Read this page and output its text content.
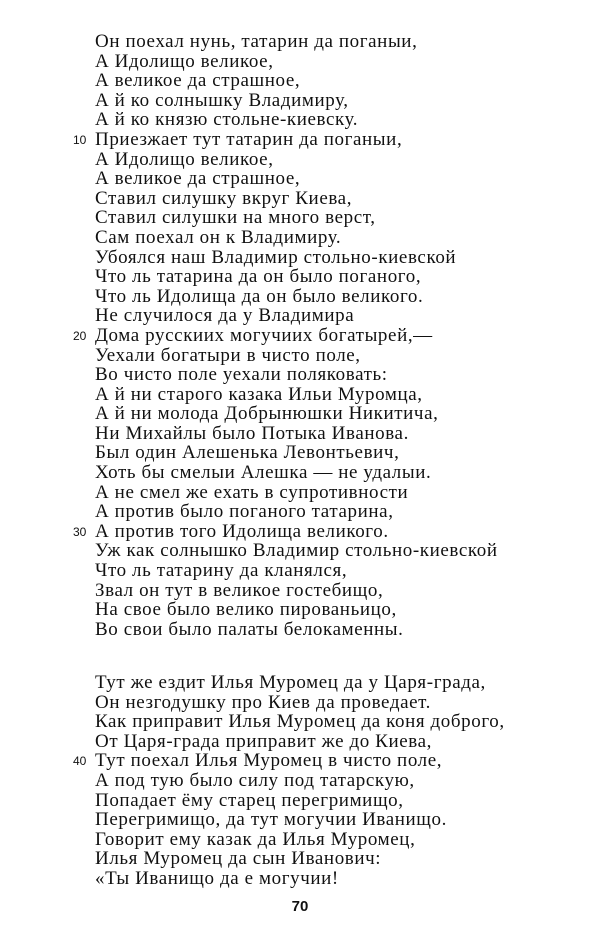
Он поехал нунь, татарин да поганыи,
А Идолищо великое,
А великое да страшное,
А й ко солнышку Владимиру,
А й ко князю стольне-киевску.
10 Приезжает тут татарин да поганыи,
А Идолищо великое,
А великое да страшное,
Ставил силушку вкруг Киева,
Ставил силушки на много верст,
Сам поехал он к Владимиру.
Убоялся наш Владимир стольно-киевской
Что ль татарина да он было поганого,
Что ль Идолища да он было великого.
Не случилося да у Владимира
20 Дома русскиих могучиих богатырей,—
Уехали богатыри в чисто поле,
Во чисто поле уехали поляковать:
А й ни старого казака Ильи Муромца,
А й ни молода Добрынюшки Никитича,
Ни Михайлы было Потыка Иванова.
Был один Алешенька Левонтьевич,
Хоть бы смелыи Алешка — не удалыи.
А не смел же ехать в супротивности
А против было поганого татарина,
30 А против того Идолища великого.
Уж как солнышко Владимир стольно-киевской
Что ль татарину да кланялся,
Звал он тут в великое гостебищо,
На свое было велико пированьицо,
Во свои было палаты белокаменны.
Тут же ездит Илья Муромец да у Царя-града,
Он незгодушку про Киев да проведает.
Как приправит Илья Муромец да коня доброго,
От Царя-града приправит же до Киева,
40 Тут поехал Илья Муромец в чисто поле,
А под тую было силу под татарскую,
Попадает ёму старец перегримищо,
Перегримищо, да тут могучии Иванищо.
Говорит ему казак да Илья Муромец,
Илья Муромец да сын Иванович:
«Ты Иванищо да е могучии!
70
